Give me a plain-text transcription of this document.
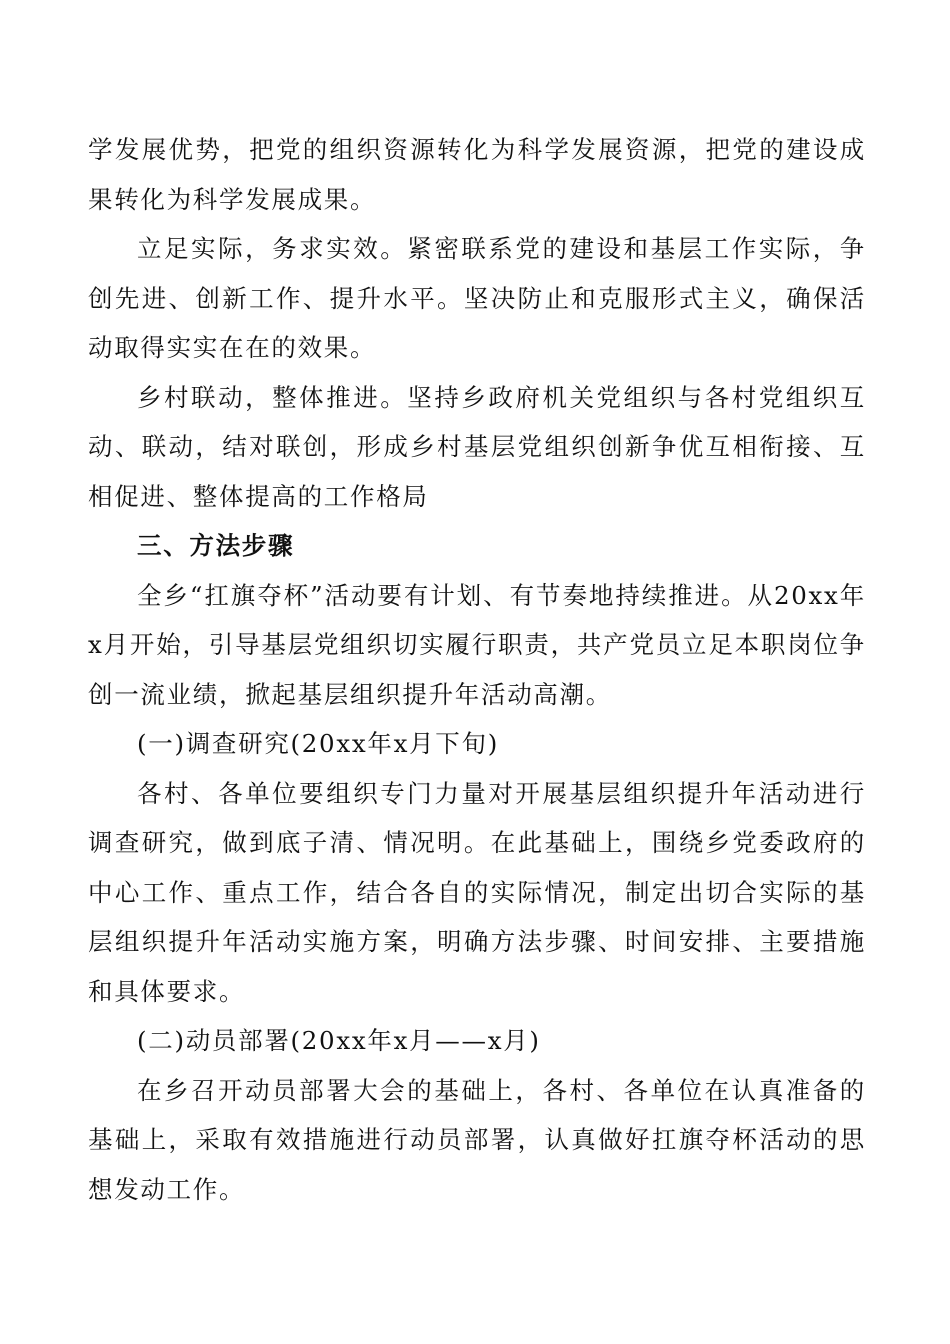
学发展优势，把党的组织资源转化为科学发展资源，把党的建设成果转化为科学发展成果。

立足实际，务求实效。紧密联系党的建设和基层工作实际，争创先进、创新工作、提升水平。坚决防止和克服形式主义，确保活动取得实实在在的效果。

乡村联动，整体推进。坚持乡政府机关党组织与各村党组织互动、联动，结对联创，形成乡村基层党组织创新争优互相衔接、互相促进、整体提高的工作格局

三、方法步骤

全乡“扛旗夺杯”活动要有计划、有节奏地持续推进。从20xx年x月开始，引导基层党组织切实履行职责，共产党员立足本职岗位争创一流业绩，掀起基层组织提升年活动高潮。

(一)调查研究(20xx年x月下旬)

各村、各单位要组织专门力量对开展基层组织提升年活动进行调查研究，做到底子清、情况明。在此基础上，围绕乡党委政府的中心工作、重点工作，结合各自的实际情况，制定出切合实际的基层组织提升年活动实施方案，明确方法步骤、时间安排、主要措施和具体要求。

(二)动员部署(20xx年x月——x月)

在乡召开动员部署大会的基础上，各村、各单位在认真准备的基础上，采取有效措施进行动员部署，认真做好扛旗夺杯活动的思想发动工作。
